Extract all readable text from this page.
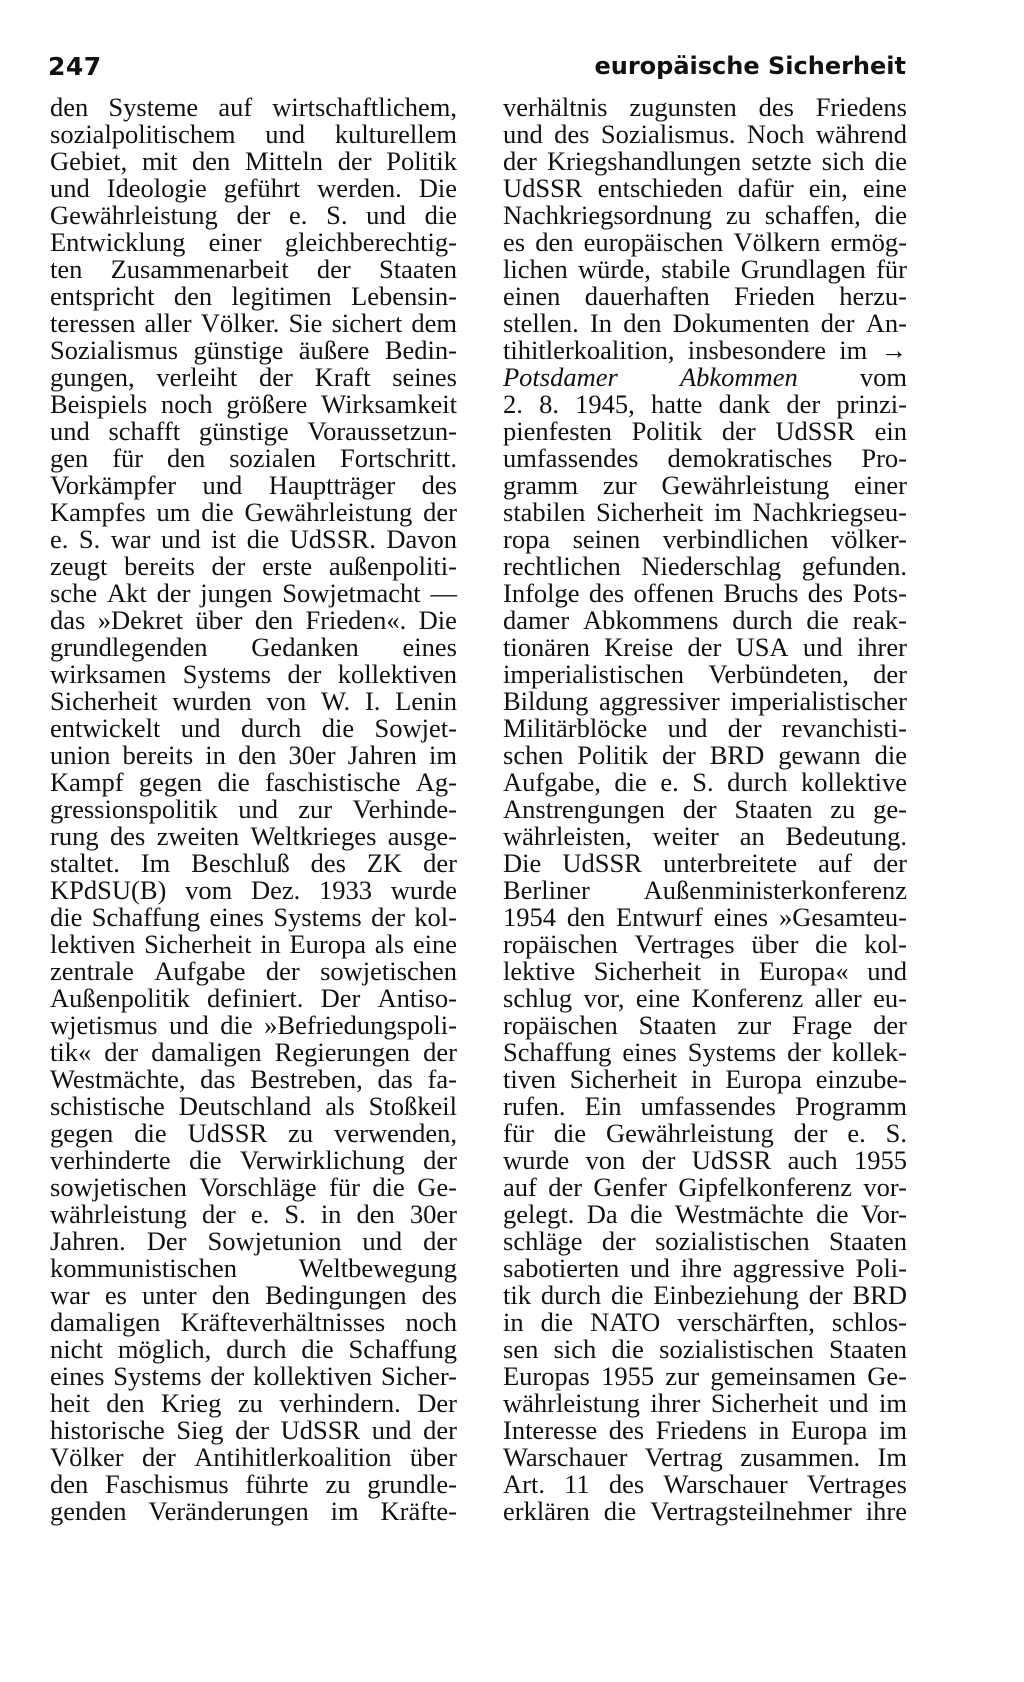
247	europäische Sicherheit
den Systeme auf wirtschaftlichem,
sozialpolitischem und kulturellem
Gebiet, mit den Mitteln der Politik
und Ideologie geführt werden. Die
Gewährleistung der e. S. und die
Entwicklung einer gleichberechtig-
ten Zusammenarbeit der Staaten
entspricht den legitimen Lebensin-
teressen aller Völker. Sie sichert dem
Sozialismus günstige äußere Bedin-
gungen, verleiht der Kraft seines
Beispiels noch größere Wirksamkeit
und schafft günstige Voraussetzun-
gen für den sozialen Fortschritt.
Vorkämpfer und Hauptträger des
Kampfes um die Gewährleistung der
e. S. war und ist die UdSSR. Davon
zeugt bereits der erste außenpoliti-
sche Akt der jungen Sowjetmacht —
das »Dekret über den Frieden«. Die
grundlegenden Gedanken eines
wirksamen Systems der kollektiven
Sicherheit wurden von W. I. Lenin
entwickelt und durch die Sowjet-
union bereits in den 30er Jahren im
Kampf gegen die faschistische Ag-
gressionspolitik und zur Verhinde-
rung des zweiten Weltkrieges ausge-
staltet. Im Beschluß des ZK der
KPdSU(B) vom Dez. 1933 wurde
die Schaffung eines Systems der kol-
lektiven Sicherheit in Europa als eine
zentrale Aufgabe der sowjetischen
Außenpolitik definiert. Der Antiso-
wjetismus und die »Befriedungspoli-
tik« der damaligen Regierungen der
Westmächte, das Bestreben, das fa-
schistische Deutschland als Stoßkeil
gegen die UdSSR zu verwenden,
verhinderte die Verwirklichung der
sowjetischen Vorschläge für die Ge-
währleistung der e. S. in den 30er
Jahren. Der Sowjetunion und der
kommunistischen Weltbewegung
war es unter den Bedingungen des
damaligen Kräfteverhältnisses noch
nicht möglich, durch die Schaffung
eines Systems der kollektiven Sicher-
heit den Krieg zu verhindern. Der
historische Sieg der UdSSR und der
Völker der Antihitlerkoalition über
den Faschismus führte zu grundle-
genden Veränderungen im Kräfte-
verhältnis zugunsten des Friedens
und des Sozialismus. Noch während
der Kriegshandlungen setzte sich die
UdSSR entschieden dafür ein, eine
Nachkriegsordnung zu schaffen, die
es den europäischen Völkern ermög-
lichen würde, stabile Grundlagen für
einen dauerhaften Frieden herzu-
stellen. In den Dokumenten der An-
tihitlerkoalition, insbesondere im →
Potsdamer Abkommen vom
2. 8. 1945, hatte dank der prinzi-
pienfesten Politik der UdSSR ein
umfassendes demokratisches Pro-
gramm zur Gewährleistung einer
stabilen Sicherheit im Nachkriegseu-
ropa seinen verbindlichen völker-
rechtlichen Niederschlag gefunden.
Infolge des offenen Bruchs des Pots-
damer Abkommens durch die reak-
tionären Kreise der USA und ihrer
imperialistischen Verbündeten, der
Bildung aggressiver imperialistischer
Militärblöcke und der revanchisti-
schen Politik der BRD gewann die
Aufgabe, die e. S. durch kollektive
Anstrengungen der Staaten zu ge-
währleisten, weiter an Bedeutung.
Die UdSSR unterbreitete auf der
Berliner Außenministerkonferenz
1954 den Entwurf eines »Gesamteu-
ropäischen Vertrages über die kol-
lektive Sicherheit in Europa« und
schlug vor, eine Konferenz aller eu-
ropäischen Staaten zur Frage der
Schaffung eines Systems der kollek-
tiven Sicherheit in Europa einzube-
rufen. Ein umfassendes Programm
für die Gewährleistung der e. S.
wurde von der UdSSR auch 1955
auf der Genfer Gipfelkonferenz vor-
gelegt. Da die Westmächte die Vor-
schläge der sozialistischen Staaten
sabotierten und ihre aggressive Poli-
tik durch die Einbeziehung der BRD
in die NATO verschärften, schlos-
sen sich die sozialistischen Staaten
Europas 1955 zur gemeinsamen Ge-
währleistung ihrer Sicherheit und im
Interesse des Friedens in Europa im
Warschauer Vertrag zusammen. Im
Art. 11 des Warschauer Vertrages
erklären die Vertragsteilnehmer ihre
